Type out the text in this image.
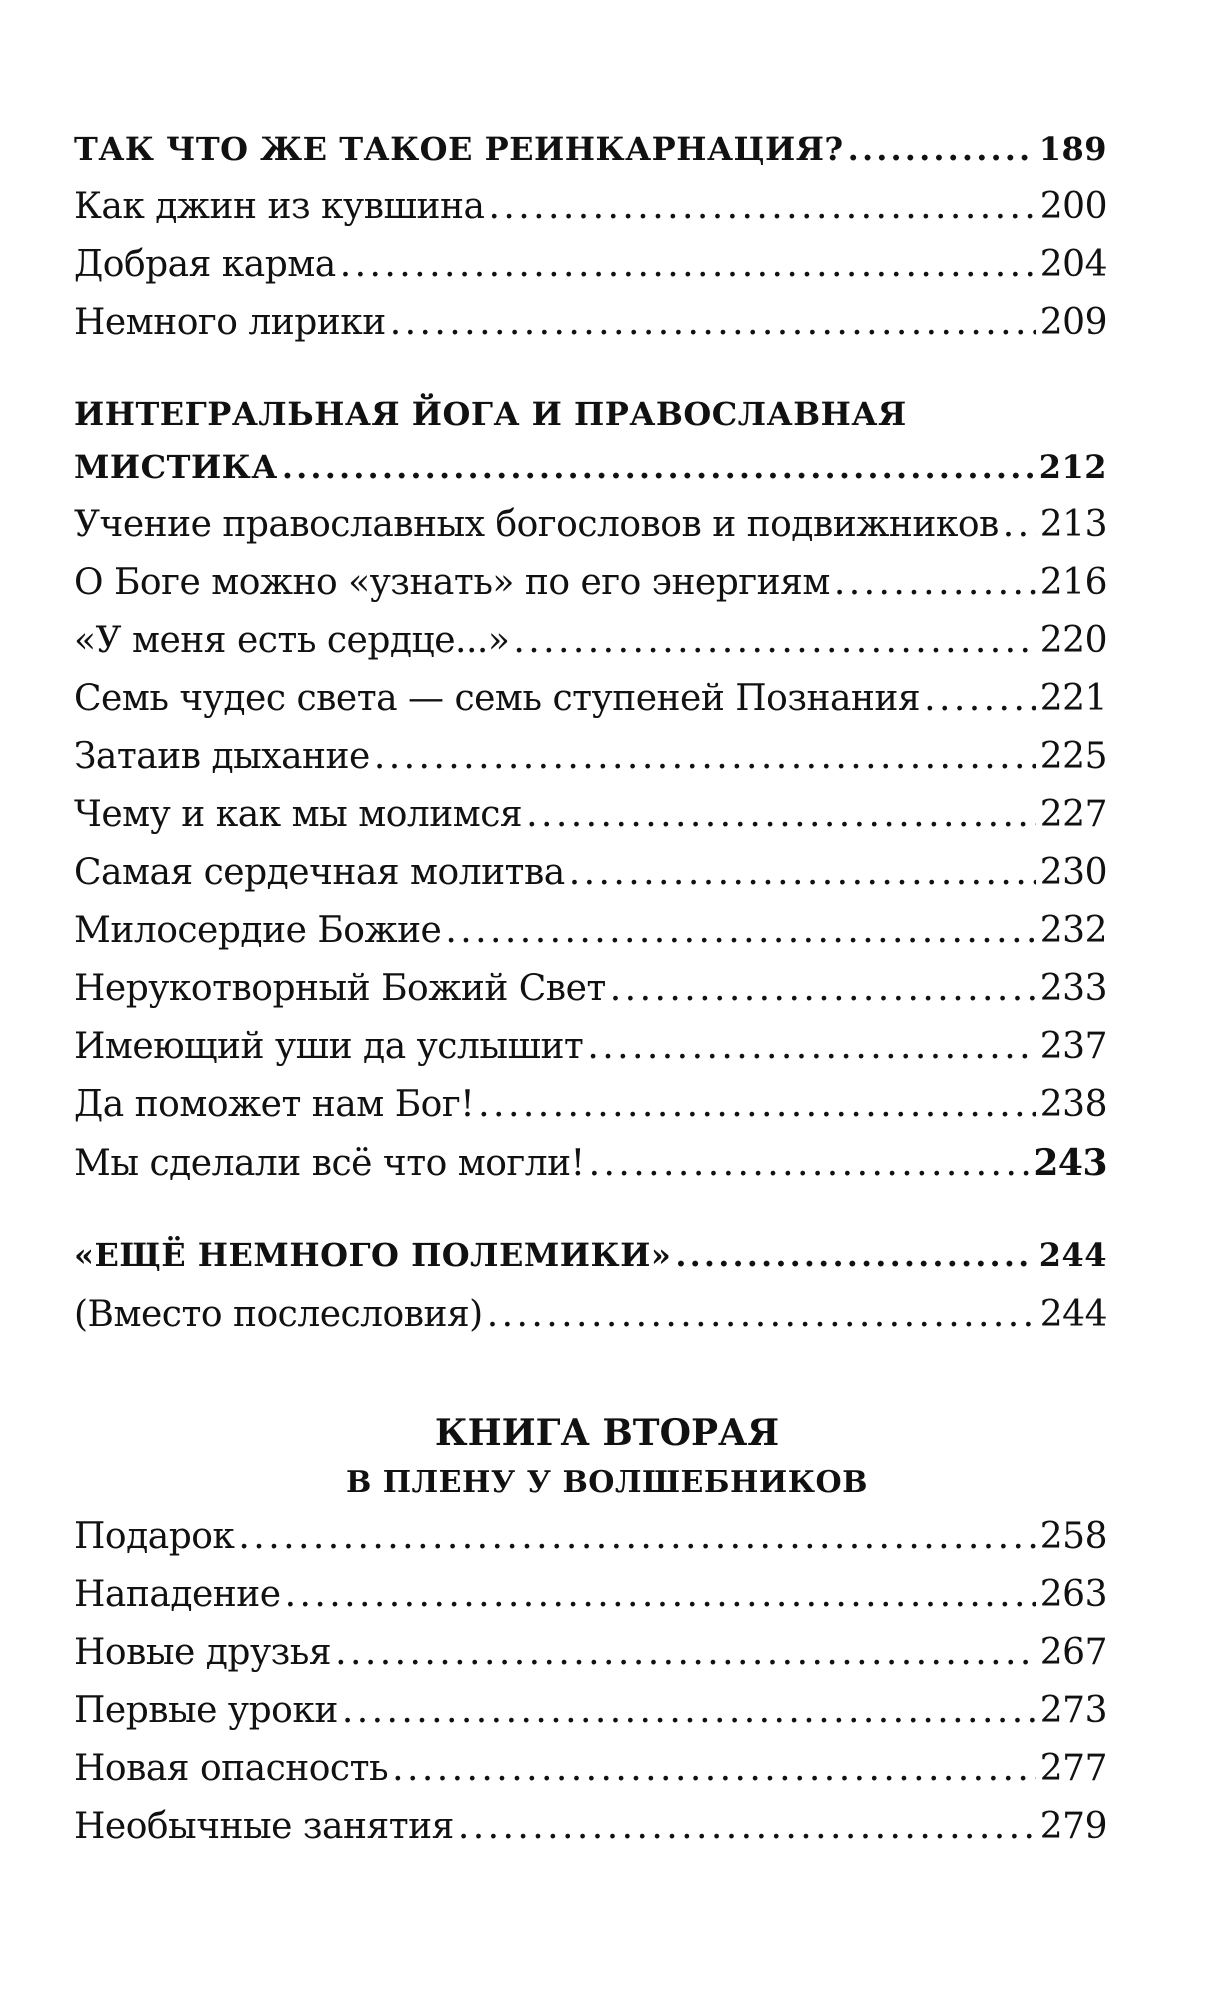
ТАК ЧТО ЖЕ ТАКОЕ РЕИНКАРНАЦИЯ? . . .	189
Как джин из кувшина . . .	200
Добрая карма . . .	204
Немного лирики . . .	209
ИНТЕГРАЛЬНАЯ ЙОГА И ПРАВОСЛАВНАЯ
МИСТИКА . . .	212
Учение православных богословов и подвижников . . . 213
О Боге можно «узнать» по его энергиям . . .	216
«У меня есть сердце...» . . .	220
Семь чудес света — семь ступеней Познания . . .	221
Затаив дыхание . . .	225
Чему и как мы молимся . . .	227
Самая сердечная молитва . . .	230
Милосердие Божие . . .	232
Нерукотворный Божий Свет . . .	233
Имеющий уши да услышит . . .	237
Да поможет нам Бог! . . .	238
Мы сделали всё что могли! . . .	243
«ЕЩЁ НЕМНОГО ПОЛЕМИКИ» . . .	244
(Вместо послесловия) . . .	244
КНИГА ВТОРАЯ
В ПЛЕНУ У ВОЛШЕБНИКОВ
Подарок . . .	258
Нападение . . .	263
Новые друзья . . .	267
Первые уроки . . .	273
Новая опасность . . .	277
Необычные занятия . . .	279
